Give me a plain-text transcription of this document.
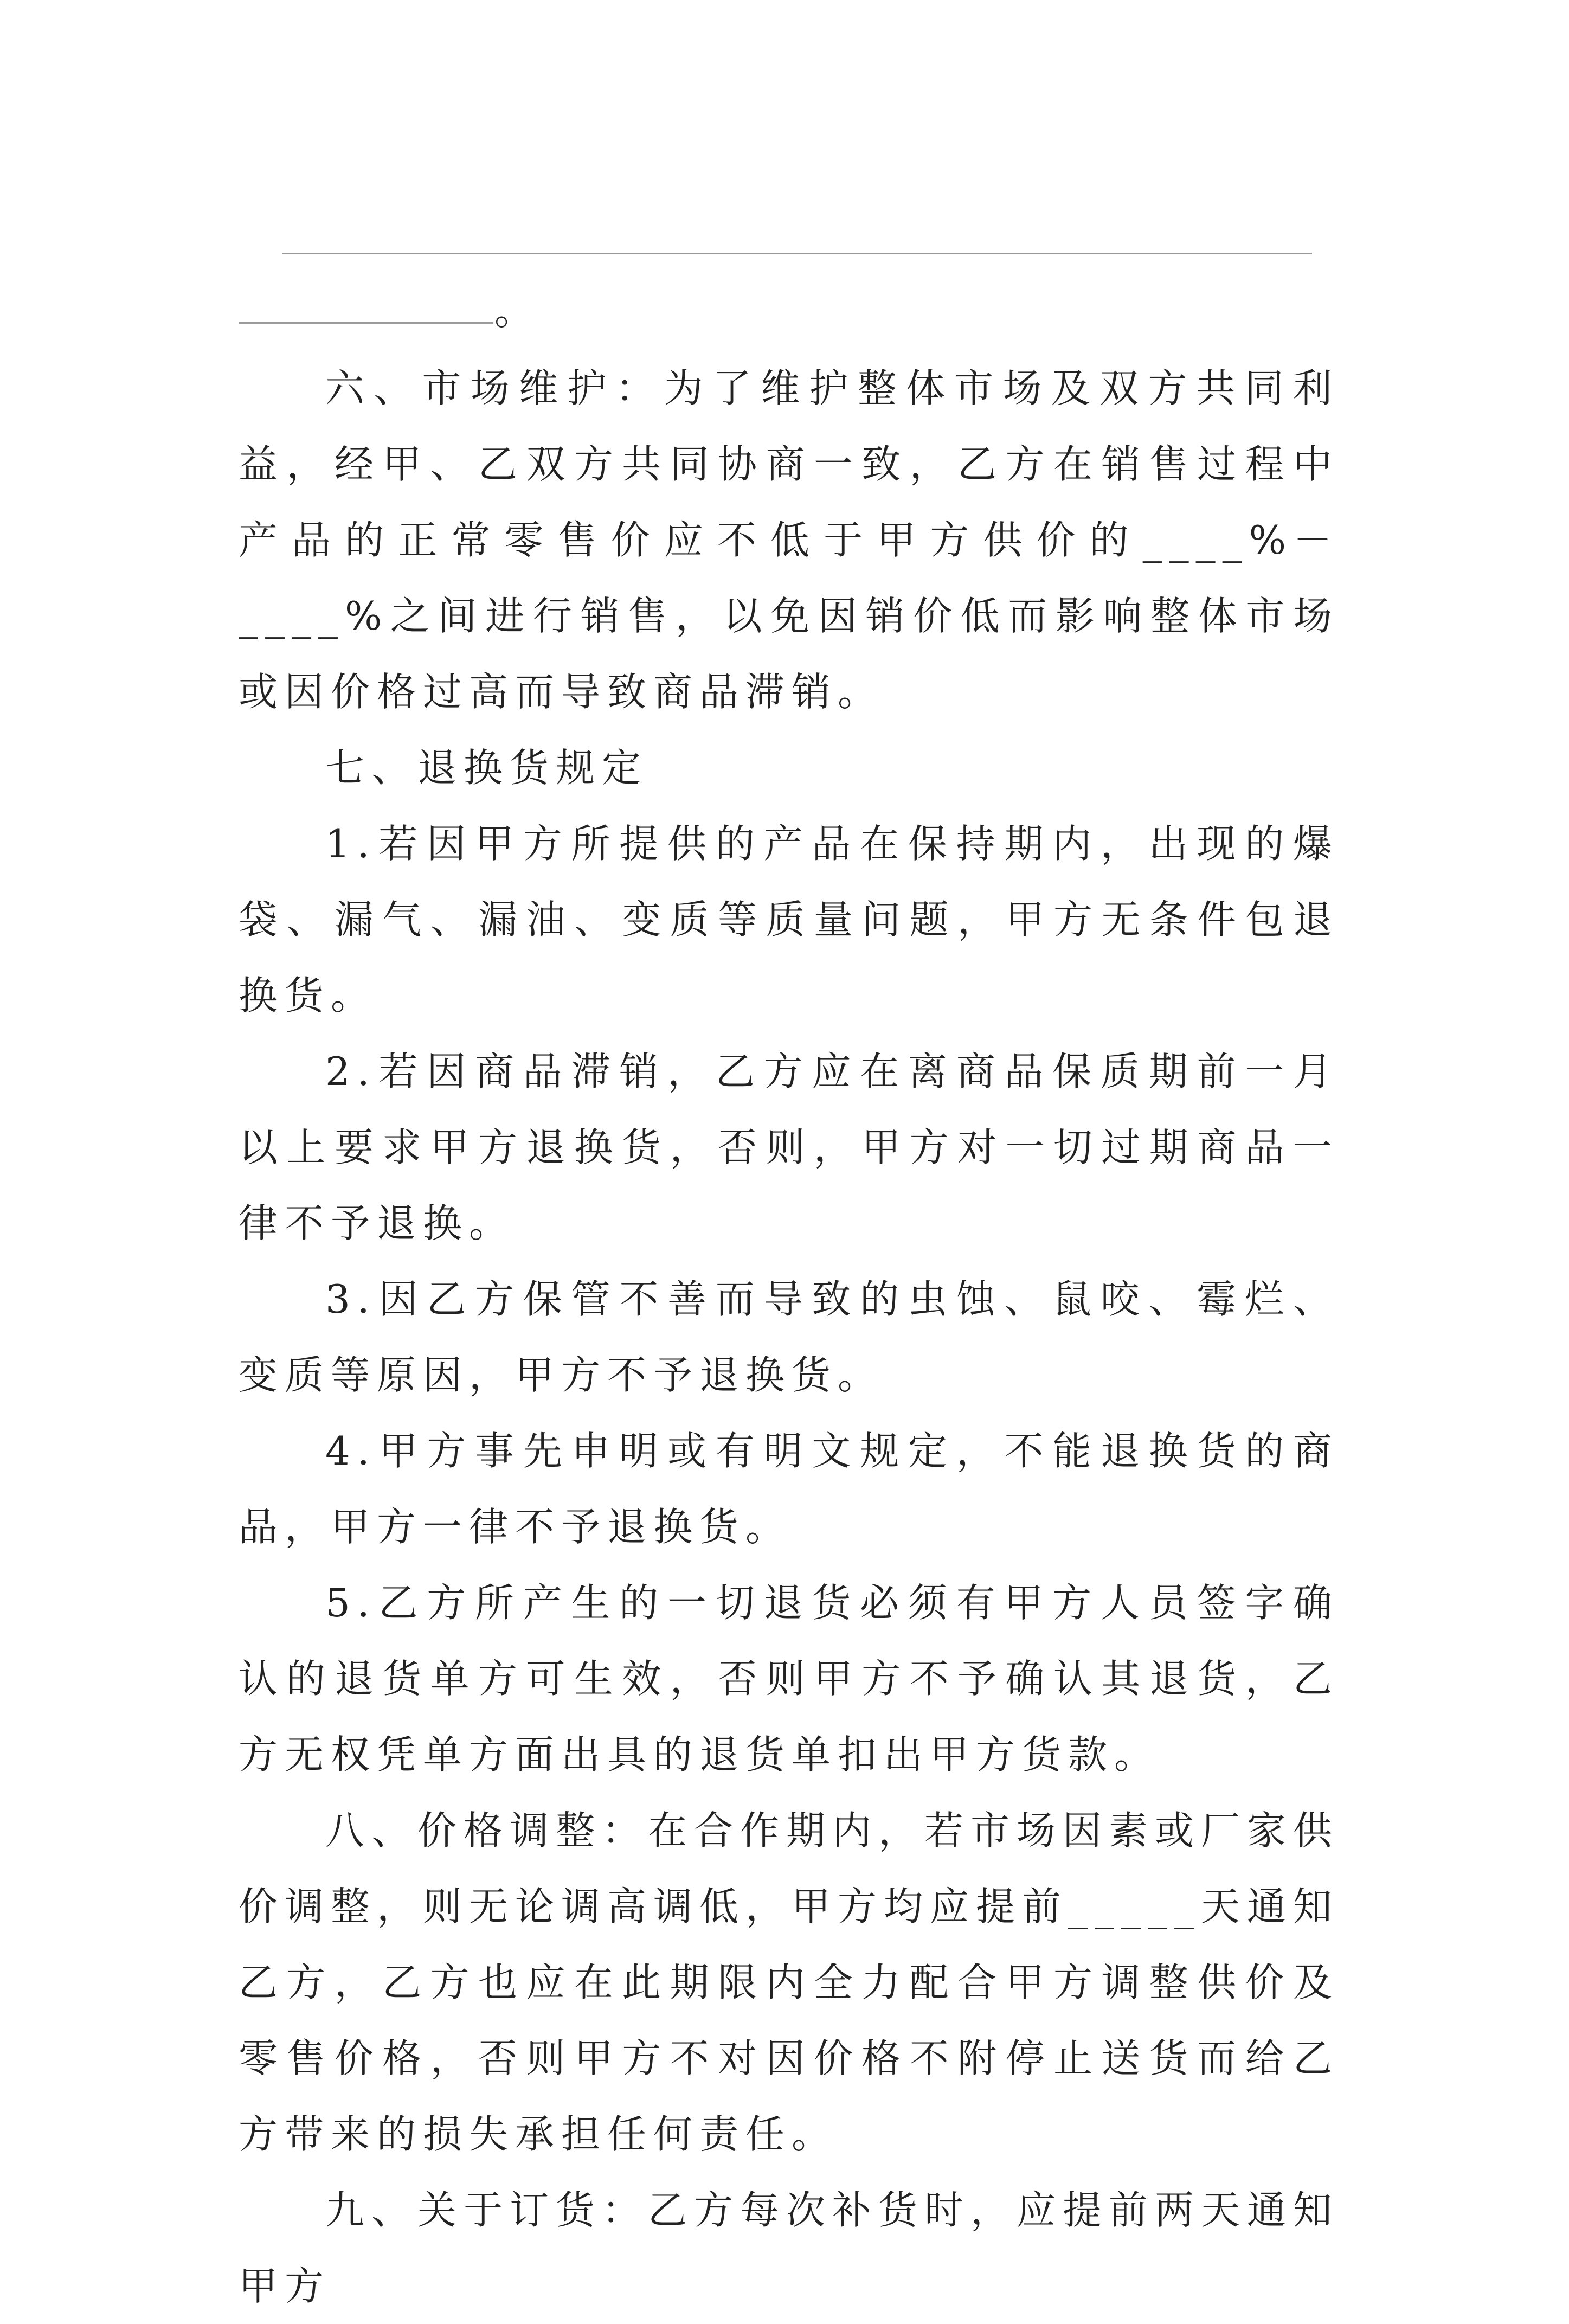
。

六、市场维护：为了维护整体市场及双方共同利益，经甲、乙双方共同协商一致，乙方在销售过程中产品的正常零售价应不低于甲方供价的____%－____%之间进行销售，以免因销价低而影响整体市场或因价格过高而导致商品滞销。

七、退换货规定

1.若因甲方所提供的产品在保持期内，出现的爆袋、漏气、漏油、变质等质量问题，甲方无条件包退换货。

2.若因商品滞销，乙方应在离商品保质期前一月以上要求甲方退换货，否则，甲方对一切过期商品一律不予退换。

3.因乙方保管不善而导致的虫蚀、鼠咬、霉烂、变质等原因，甲方不予退换货。

4.甲方事先申明或有明文规定，不能退换货的商品，甲方一律不予退换货。

5.乙方所产生的一切退货必须有甲方人员签字确认的退货单方可生效，否则甲方不予确认其退货，乙方无权凭单方面出具的退货单扣出甲方货款。

八、价格调整：在合作期内，若市场因素或厂家供价调整，则无论调高调低，甲方均应提前_____天通知乙方，乙方也应在此期限内全力配合甲方调整供价及零售价格，否则甲方不对因价格不附停止送货而给乙方带来的损失承担任何责任。

九、关于订货：乙方每次补货时，应提前两天通知甲方
